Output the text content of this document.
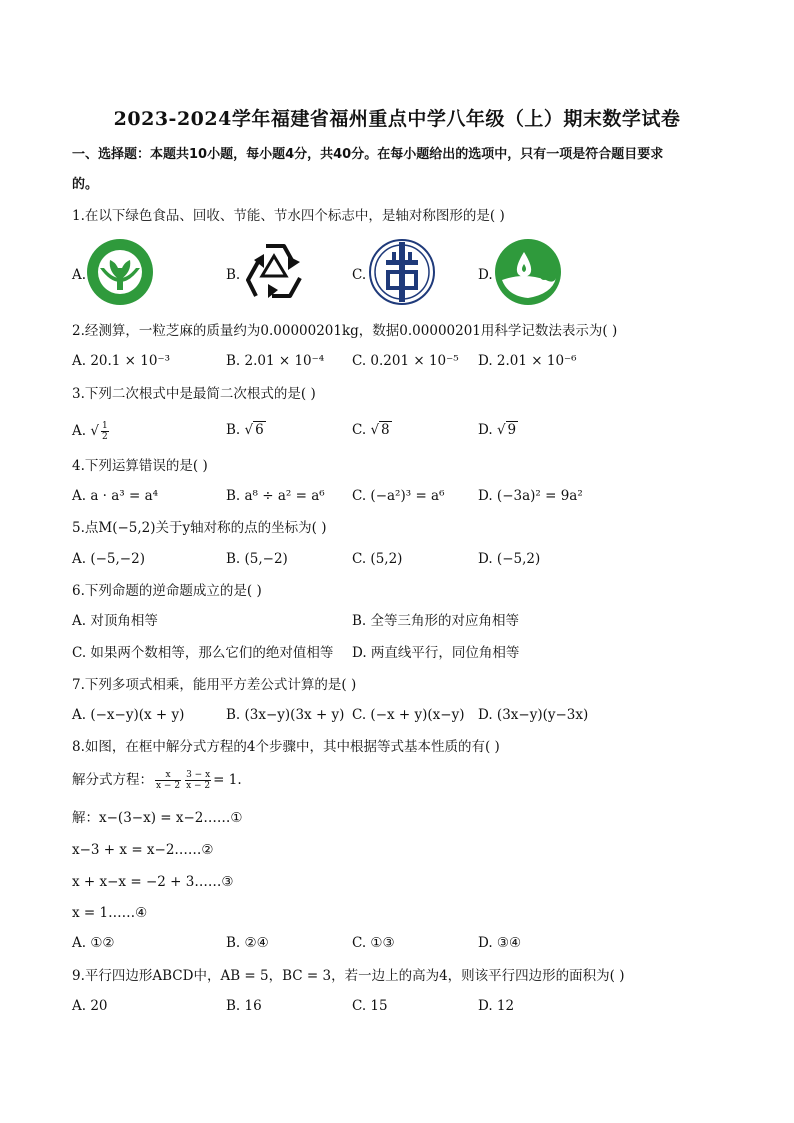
2023-2024学年福建省福州重点中学八年级（上）期末数学试卷
一、选择题：本题共10小题，每小题4分，共40分。在每小题给出的选项中，只有一项是符合题目要求
的。
1.在以下绿色食品、回收、节能、节水四个标志中，是轴对称图形的是( )
A.	B.	C.	D.
2.经测算，一粒芝麻的质量约为0.00000201kg，数据0.00000201用科学记数法表示为( )
A. 20.1 × 10⁻³	B. 2.01 × 10⁻⁴ C. 0.201 × 10⁻⁵ D. 2.01 × 10⁻⁶
3.下列二次根式中是最简二次根式的是( )
A. √ $\frac{1}{2}$	B. √ 6	C. √ 8	D. √ 9
4.下列运算错误的是( )
A. a · a³ = a⁴	B. a⁸ ÷ a² = a⁶ C. (−a²)³ = a⁶ D. (−3a)² = 9a²
5.点M(−5,2)关于y轴对称的点的坐标为( )
A. (−5,−2)	B. (5,−2)	C. (5,2)	D. (−5,2)
6.下列命题的逆命题成立的是( )
A. 对顶角相等	B. 全等三角形的对应角相等
C. 如果两个数相等，那么它们的绝对值相等 D. 两直线平行，同位角相等
7.下列多项式相乘，能用平方差公式计算的是( )
A. (−x−y)(x + y)	B. (3x−y)(3x + y) C. (−x + y)(x−y) D. (3x−y)(y−3x)
8.如图，在框中解分式方程的4个步骤中，其中根据等式基本性质的有( )
解分式方程： $\frac{x}{x - 2} \frac{3 - x}{x - 2} = 1$.
解：x−(3−x) = x−2……①
x−3 + x = x−2……②
x + x−x = −2 + 3……③
x = 1……④
A. ①②	B. ②④	C. ①③	D. ③④
9.平行四边形ABCD中，AB = 5，BC = 3，若一边上的高为4，则该平行四边形的面积为( )
A. 20	B. 16	C. 15	D. 12
